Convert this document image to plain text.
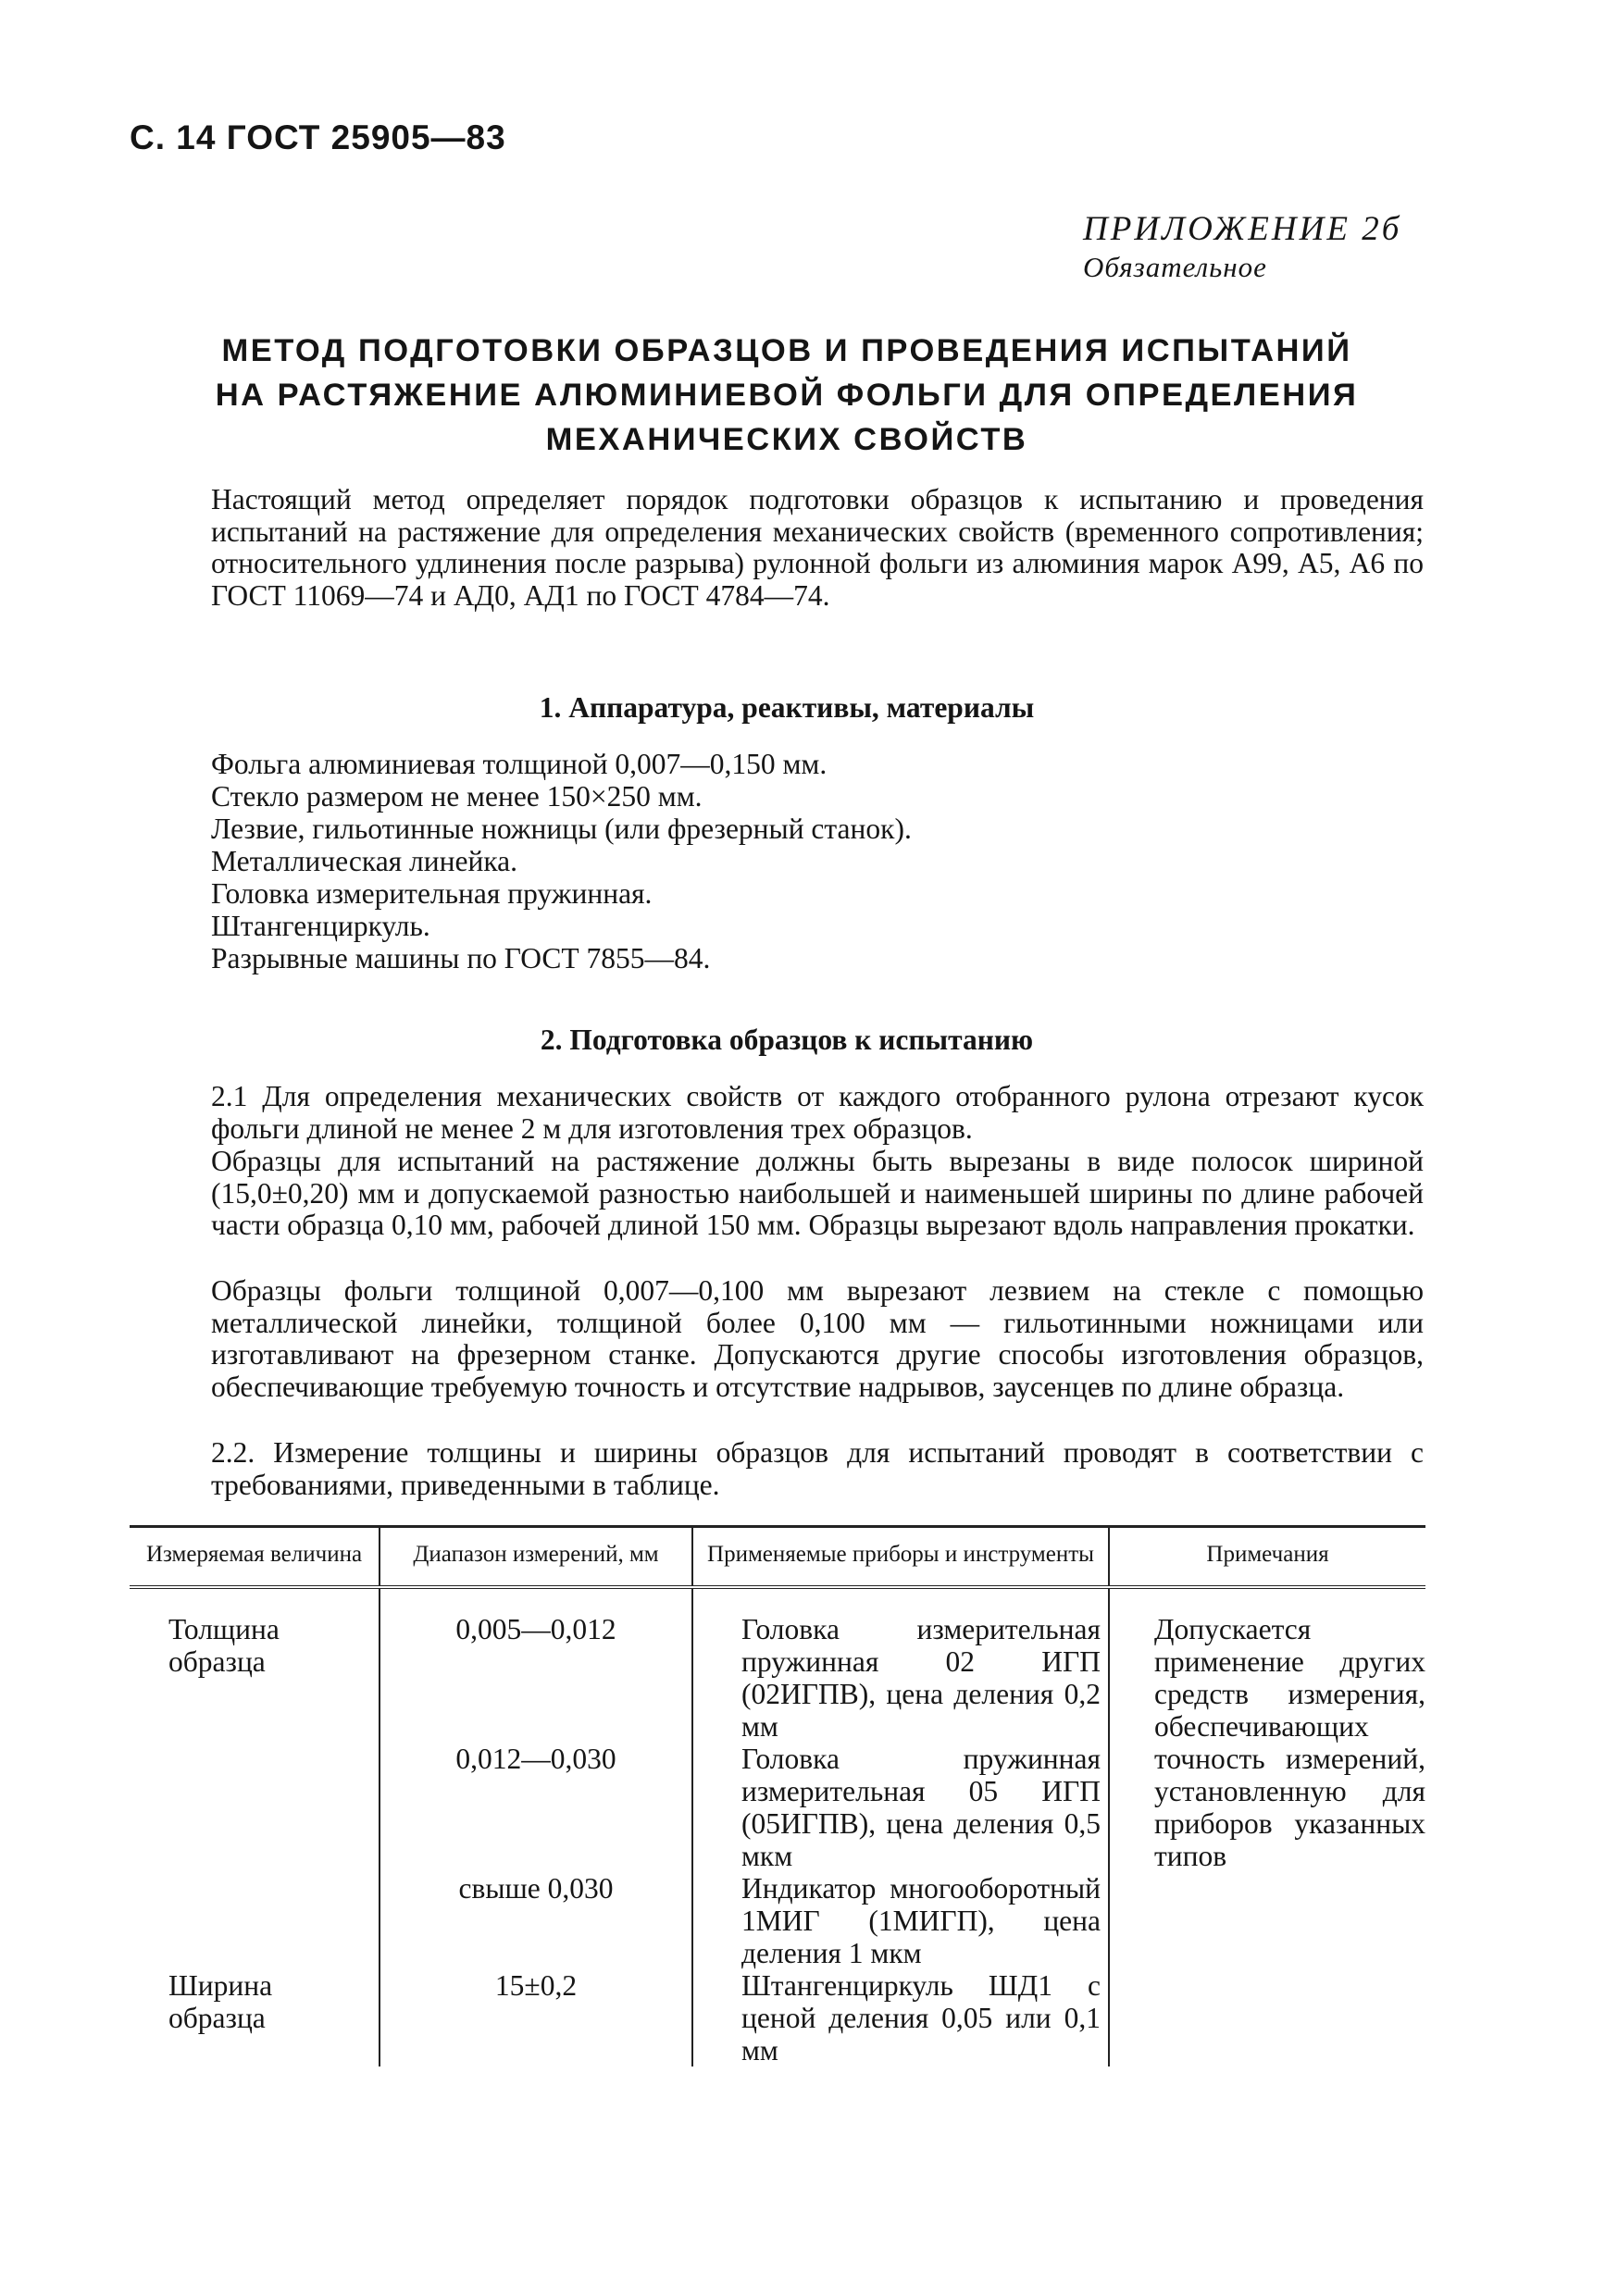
С. 14 ГОСТ 25905—83
ПРИЛОЖЕНИЕ 2б
Обязательное
МЕТОД ПОДГОТОВКИ ОБРАЗЦОВ И ПРОВЕДЕНИЯ ИСПЫТАНИЙ
НА РАСТЯЖЕНИЕ АЛЮМИНИЕВОЙ ФОЛЬГИ ДЛЯ ОПРЕДЕЛЕНИЯ
МЕХАНИЧЕСКИХ СВОЙСТВ

Настоящий метод определяет порядок подготовки образцов к испытанию и проведения испытаний на растяжение для определения механических свойств (временного сопротивления; относительного удлинения после разрыва) рулонной фольги из алюминия марок А99, А5, А6 по ГОСТ 11069—74 и АД0, АД1 по ГОСТ 4784—74.

1. Аппаратура, реактивы, материалы
Фольга алюминиевая толщиной 0,007—0,150 мм.
Стекло размером не менее 150×250 мм.
Лезвие, гильотинные ножницы (или фрезерный станок).
Металлическая линейка.
Головка измерительная пружинная.
Штангенциркуль.
Разрывные машины по ГОСТ 7855—84.
2. Подготовка образцов к испытанию

2.1 Для определения механических свойств от каждого отобранного рулона отрезают кусок фольги длиной не менее 2 м для изготовления трех образцов.

Образцы для испытаний на растяжение должны быть вырезаны в виде полосок шириной (15,0±0,20) мм и допускаемой разностью наибольшей и наименьшей ширины по длине рабочей части образца 0,10 мм, рабочей длиной 150 мм. Образцы вырезают вдоль направления прокатки.

Образцы фольги толщиной 0,007—0,100 мм вырезают лезвием на стекле с помощью металлической линейки, толщиной более 0,100 мм — гильотинными ножницами или изготавливают на фрезерном станке. Допускаются другие способы изготовления образцов, обеспечивающие требуемую точность и отсутствие надрывов, заусенцев по длине образца.

2.2. Измерение толщины и ширины образцов для испытаний проводят в соответствии с требованиями, приведенными в таблице.

Измеряемая величина	Диапазон измерений, мм	Применяемые приборы и инструменты	Примечания
Толщина образца	0,005—0,012	Головка измерительная пружинная 02 ИГП (02ИГПВ), цена деления 0,2 мм	Допускается применение других средств измерения, обеспечивающих точность измерений, установленную для приборов указанных типов
	0,012—0,030	Головка пружинная измерительная 05 ИГП (05ИГПВ), цена деления 0,5 мкм	
	свыше 0,030	Индикатор многооборотный 1МИГ (1МИГП), цена деления 1 мкм	
Ширина образца	15±0,2	Штангенциркуль ШД1 с ценой деления 0,05 или 0,1 мм	
